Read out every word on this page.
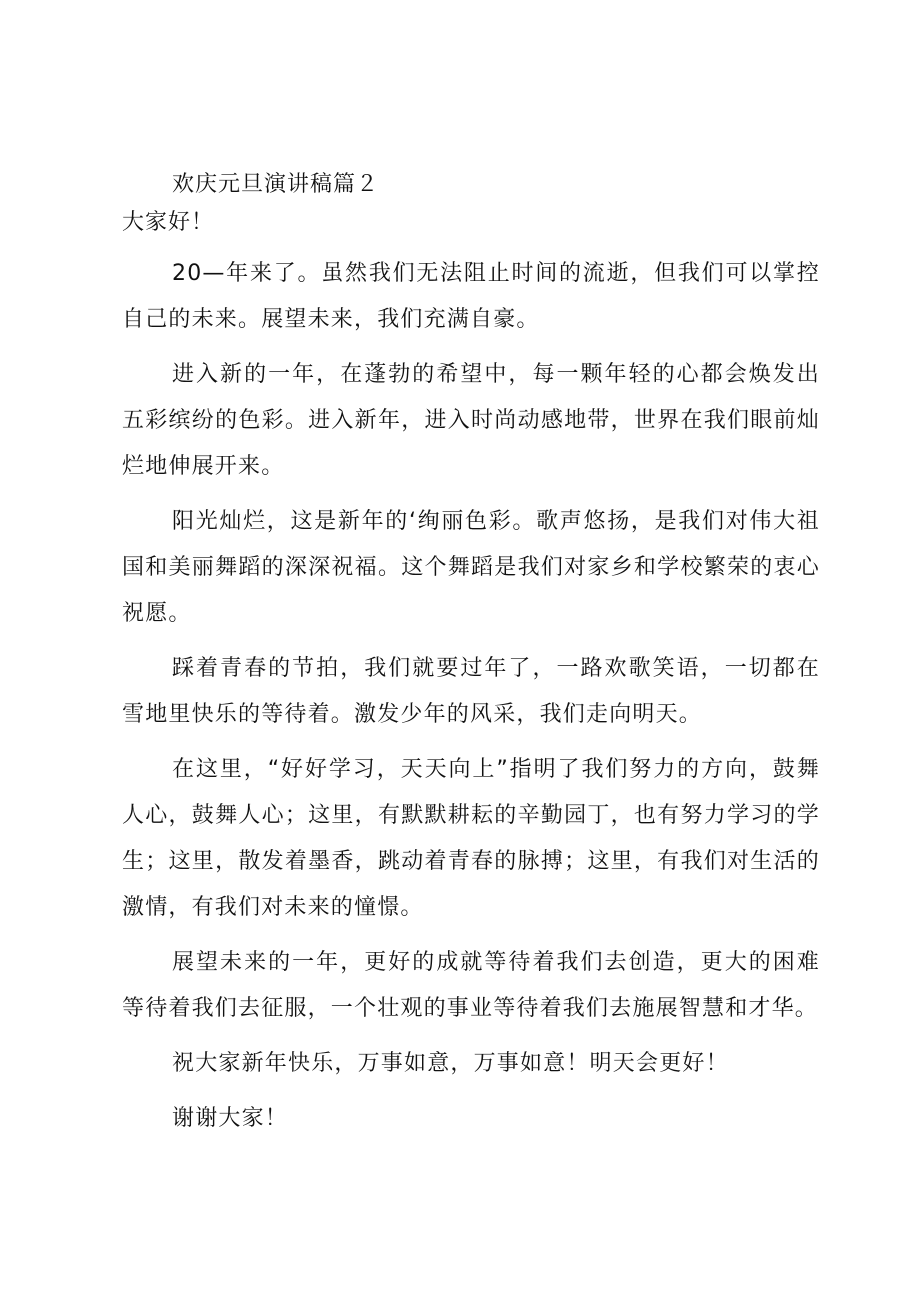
欢庆元旦演讲稿篇２

大家好！

20—年来了。虽然我们无法阻止时间的流逝，但我们可以掌控自己的未来。展望未来，我们充满自豪。

进入新的一年，在蓬勃的希望中，每一颗年轻的心都会焕发出五彩缤纷的色彩。进入新年，进入时尚动感地带，世界在我们眼前灿烂地伸展开来。

阳光灿烂，这是新年的‘绚丽色彩。歌声悠扬，是我们对伟大祖国和美丽舞蹈的深深祝福。这个舞蹈是我们对家乡和学校繁荣的衷心祝愿。

踩着青春的节拍，我们就要过年了，一路欢歌笑语，一切都在雪地里快乐的等待着。激发少年的风采，我们走向明天。

在这里，“好好学习，天天向上”指明了我们努力的方向，鼓舞人心，鼓舞人心；这里，有默默耕耘的辛勤园丁，也有努力学习的学生；这里，散发着墨香，跳动着青春的脉搏；这里，有我们对生活的激情，有我们对未来的憧憬。

展望未来的一年，更好的成就等待着我们去创造，更大的困难等待着我们去征服，一个壮观的事业等待着我们去施展智慧和才华。

祝大家新年快乐，万事如意，万事如意！明天会更好！

谢谢大家！
